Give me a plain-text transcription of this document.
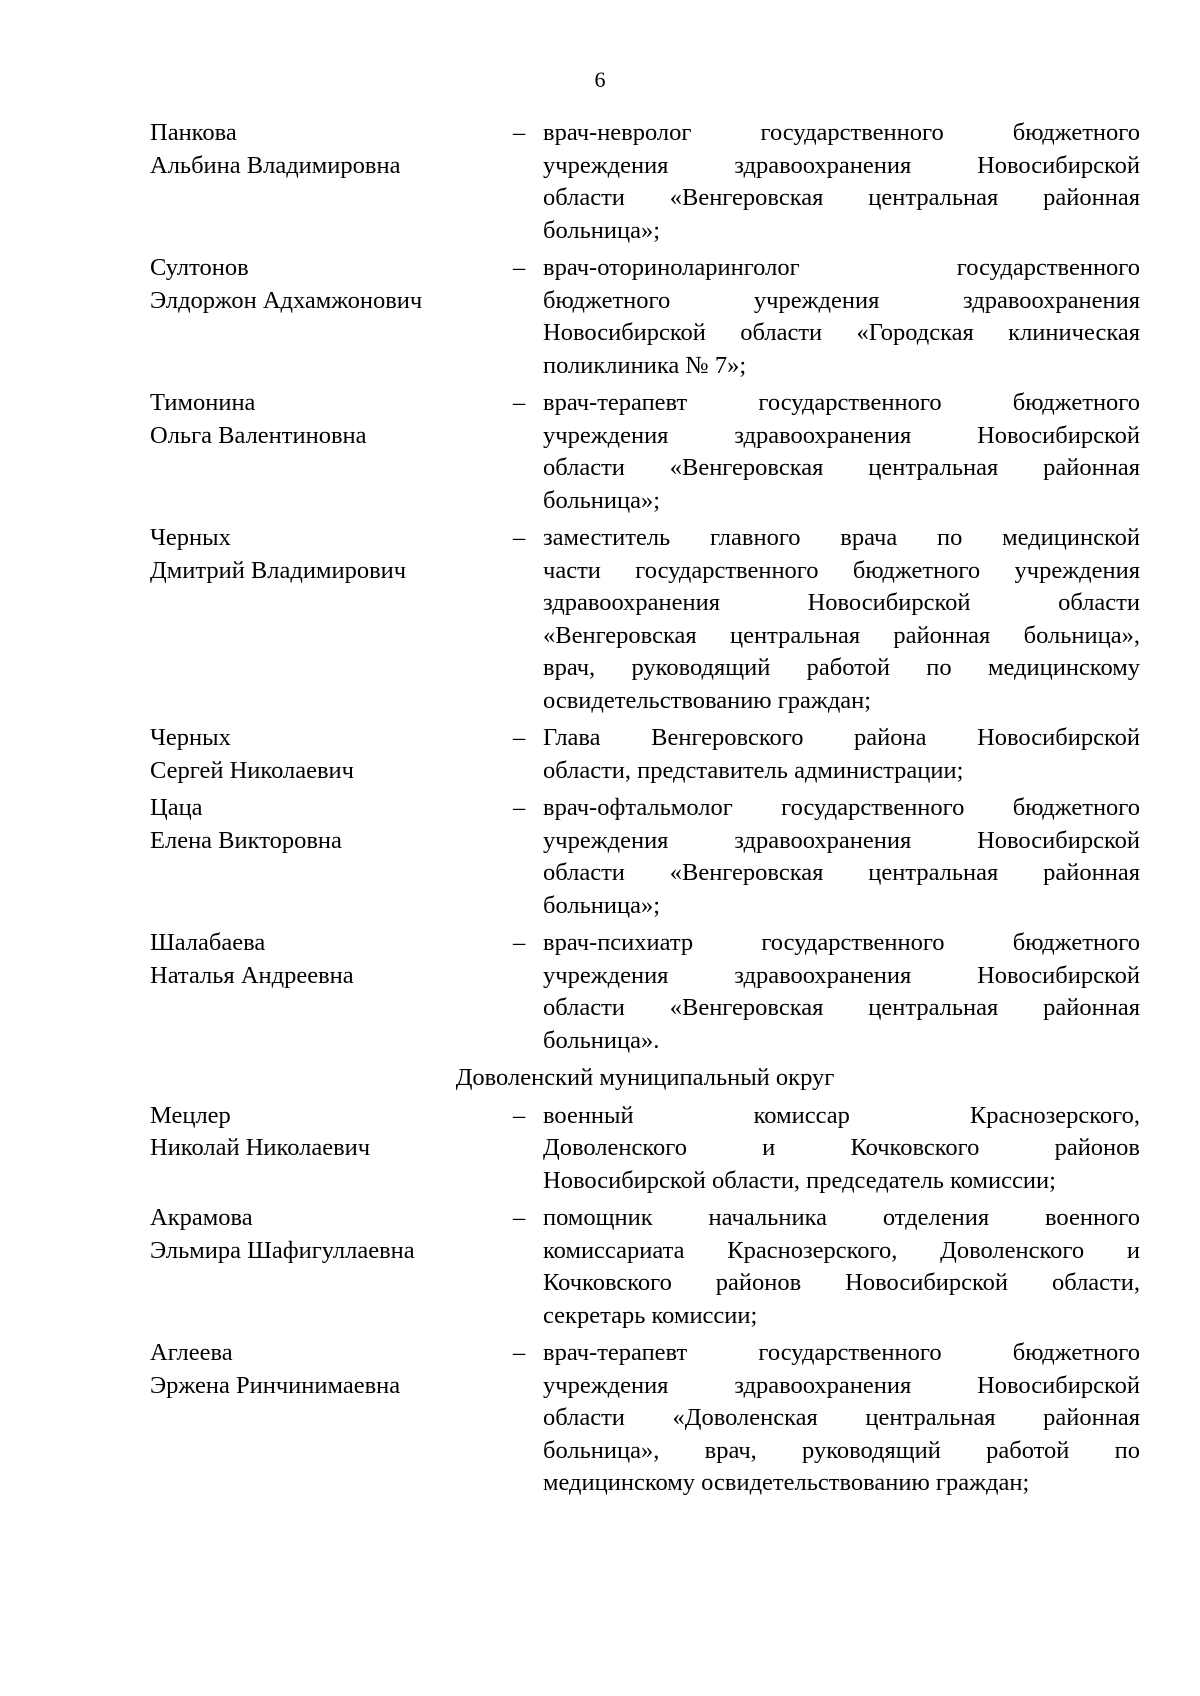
6
Панкова
Альбина Владимировна
– врач-невролог государственного бюджетного
учреждения здравоохранения Новосибирской
области «Венгеровская центральная районная
больница»;
Султонов
Элдоржон Адхамжонович
– врач-оториноларинголог государственного
бюджетного учреждения здравоохранения
Новосибирской области «Городская клиническая
поликлиника № 7»;
Тимонина
Ольга Валентиновна
– врач-терапевт государственного бюджетного
учреждения здравоохранения Новосибирской
области «Венгеровская центральная районная
больница»;
Черных
Дмитрий Владимирович
– заместитель главного врача по медицинской
части государственного бюджетного учреждения
здравоохранения Новосибирской области
«Венгеровская центральная районная больница»,
врач, руководящий работой по медицинскому
освидетельствованию граждан;
Черных
Сергей Николаевич
– Глава Венгеровского района Новосибирской
области, представитель администрации;
Цаца
Елена Викторовна
– врач-офтальмолог государственного бюджетного
учреждения здравоохранения Новосибирской
области «Венгеровская центральная районная
больница»;
Шалабаева
Наталья Андреевна
– врач-психиатр государственного бюджетного
учреждения здравоохранения Новосибирской
области «Венгеровская центральная районная
больница».
Доволенский муниципальный округ
Мецлер
Николай Николаевич
– военный комиссар Краснозерского,
Доволенского и Кочковского районов
Новосибирской области, председатель комиссии;
Акрамова
Эльмира Шафигуллаевна
– помощник начальника отделения военного
комиссариата Краснозерского, Доволенского и
Кочковского районов Новосибирской области,
секретарь комиссии;
Аглеева
Эржена Ринчинимаевна
– врач-терапевт государственного бюджетного
учреждения здравоохранения Новосибирской
области «Доволенская центральная районная
больница», врач, руководящий работой по
медицинскому освидетельствованию граждан;
